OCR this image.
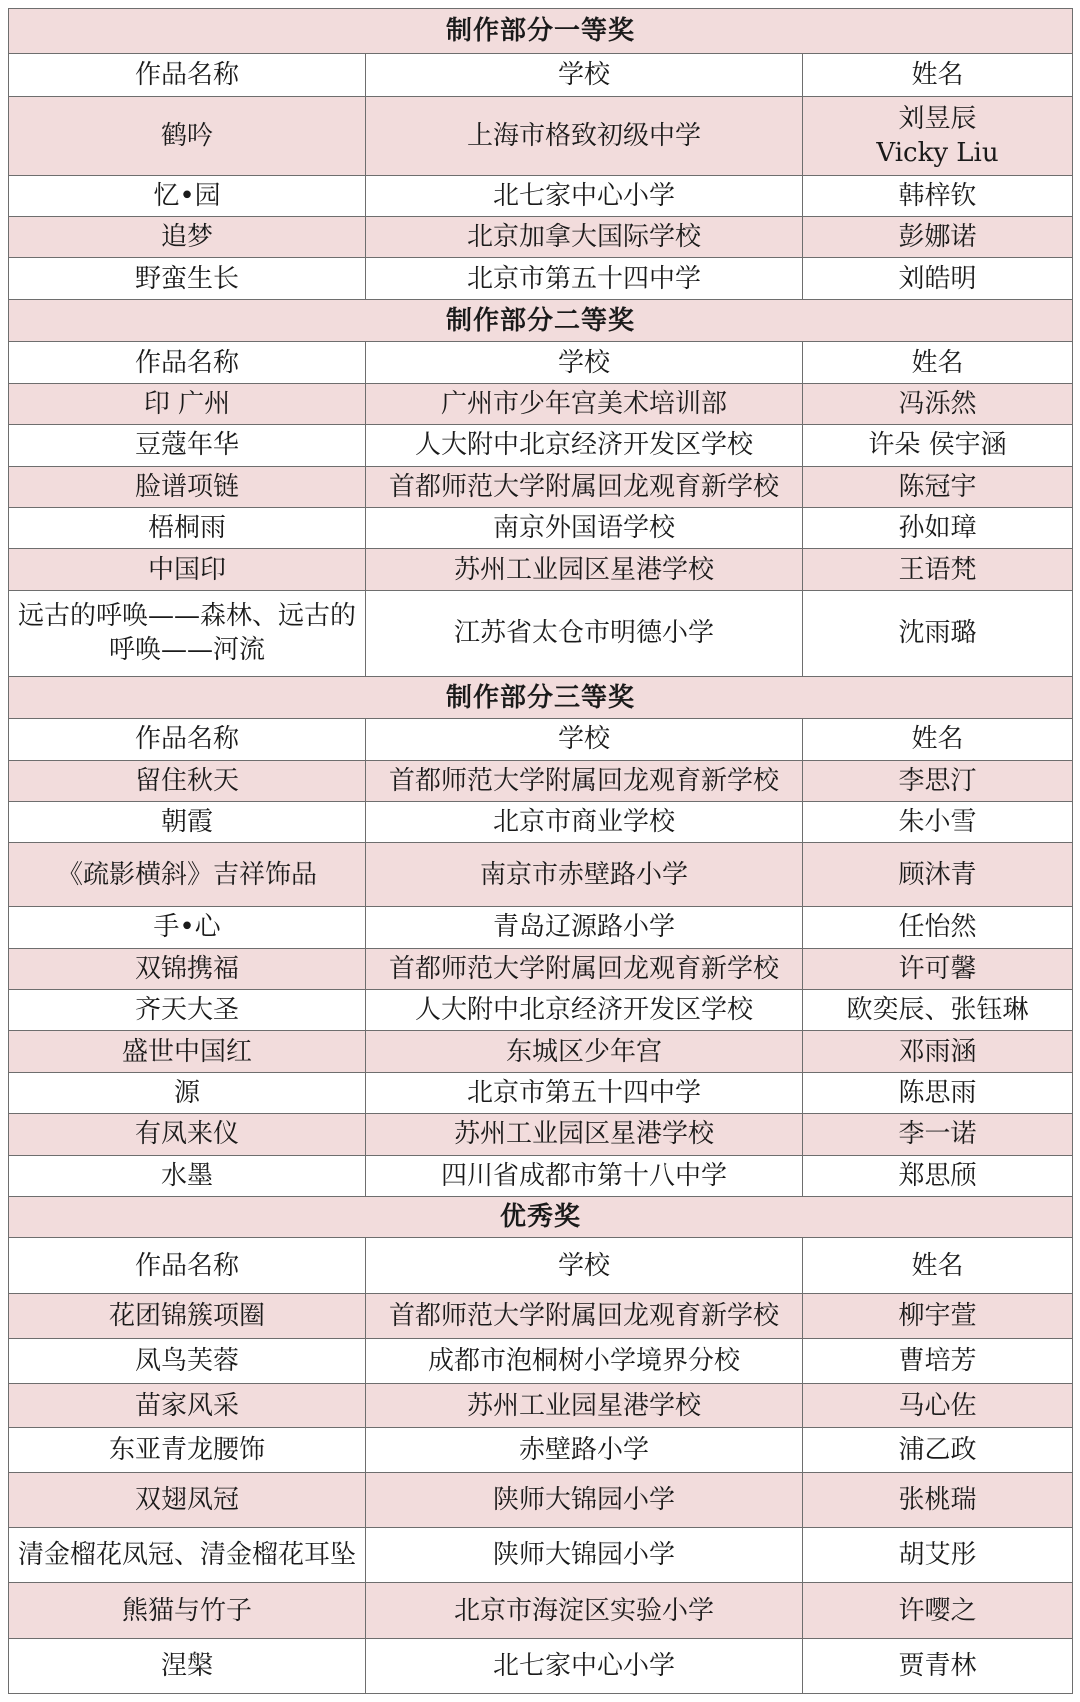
制作部分一等奖		
作品名称	学校	姓名
鹤吟	上海市格致初级中学	刘昱辰
Vicky Liu

忆•园	北七家中心小学	韩梓钦
追梦	北京加拿大国际学校	彭娜诺
野蛮生长	北京市第五十四中学	刘皓明
制作部分二等奖		
作品名称	学校	姓名
印 广州	广州市少年宫美术培训部	冯泺然
豆蔻年华	人大附中北京经济开发区学校	许朵 侯宇涵
脸谱项链	首都师范大学附属回龙观育新学校	陈冠宇
梧桐雨	南京外国语学校	孙如璋
中国印	苏州工业园区星港学校	王语梵
远古的呼唤——森林、远古的呼唤——河流	江苏省太仓市明德小学	沈雨璐
制作部分三等奖		
作品名称	学校	姓名
留住秋天	首都师范大学附属回龙观育新学校	李思汀
朝霞	北京市商业学校	朱小雪
《疏影横斜》吉祥饰品	南京市赤壁路小学	顾沐青
手•心	青岛辽源路小学	任怡然
双锦携福	首都师范大学附属回龙观育新学校	许可馨
齐天大圣	人大附中北京经济开发区学校	欧奕辰、张钰琳
盛世中国红	东城区少年宫	邓雨涵
源	北京市第五十四中学	陈思雨
有凤来仪	苏州工业园区星港学校	李一诺
水墨	四川省成都市第十八中学	郑思颀
优秀奖		
作品名称	学校	姓名
花团锦簇项圈	首都师范大学附属回龙观育新学校	柳宇萱
凤鸟芙蓉	成都市泡桐树小学境界分校	曹培芳
苗家风采	苏州工业园星港学校	马心佐
东亚青龙腰饰	赤壁路小学	浦乙政
双翅凤冠	陕师大锦园小学	张桃瑞
清金榴花凤冠、清金榴花耳坠	陕师大锦园小学	胡艾彤
熊猫与竹子	北京市海淀区实验小学	许嘤之
涅槃	北七家中心小学	贾青林
